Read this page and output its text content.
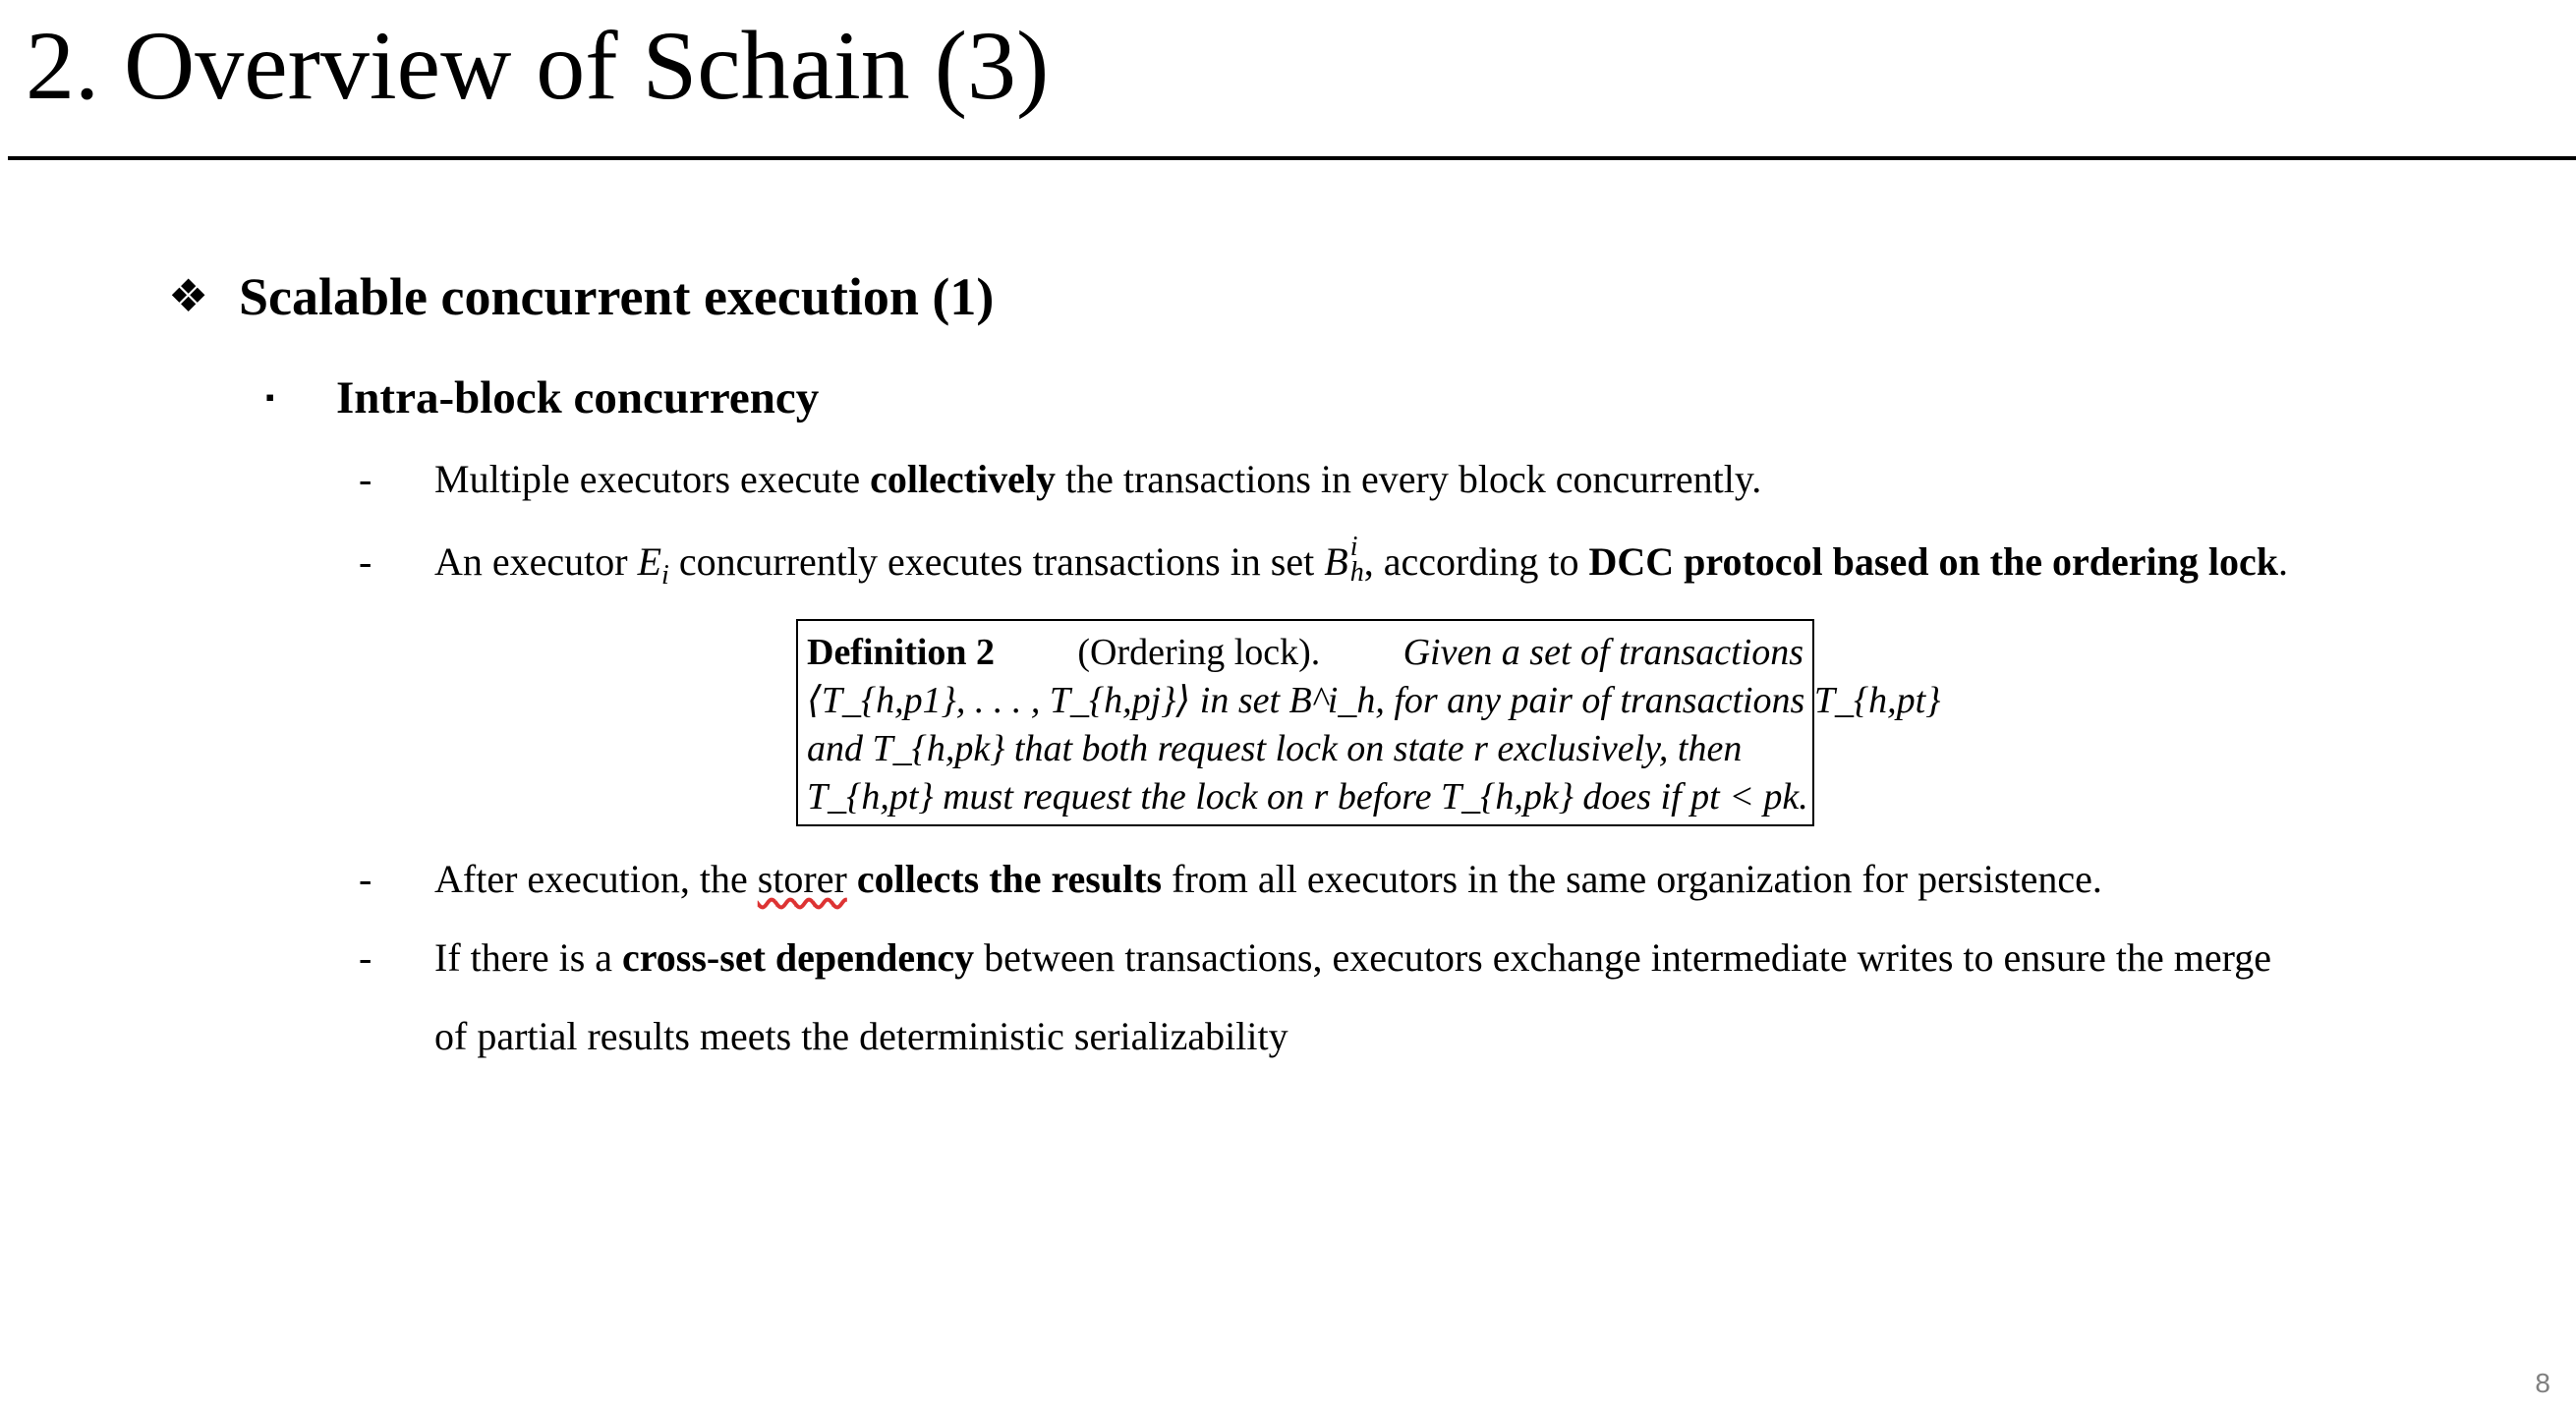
2. Overview of Schain (3)
❖ Scalable concurrent execution (1)
▪	Intra-block concurrency
- Multiple executors execute collectively the transactions in every block concurrently.
- An executor $E_i$ concurrently executes transactions in set B i
h , according to DCC protocol based on the ordering lock.
Definition 2 (Ordering lock). Given a set of transactions
⟨T_{h,p1}, . . . , T_{h,pj}⟩ in set B^i_h, for any pair of transactions T_{h,pt}
and T_{h,pk} that both request lock on state r exclusively, then
T_{h,pt} must request the lock on r before T_{h,pk} does if pt < pk.
- After execution, the storer collects the results from all executors in the same organization for persistence.
- If there is a cross-set dependency between transactions, executors exchange intermediate writes to ensure the merge
of partial results meets the deterministic serializability
8
